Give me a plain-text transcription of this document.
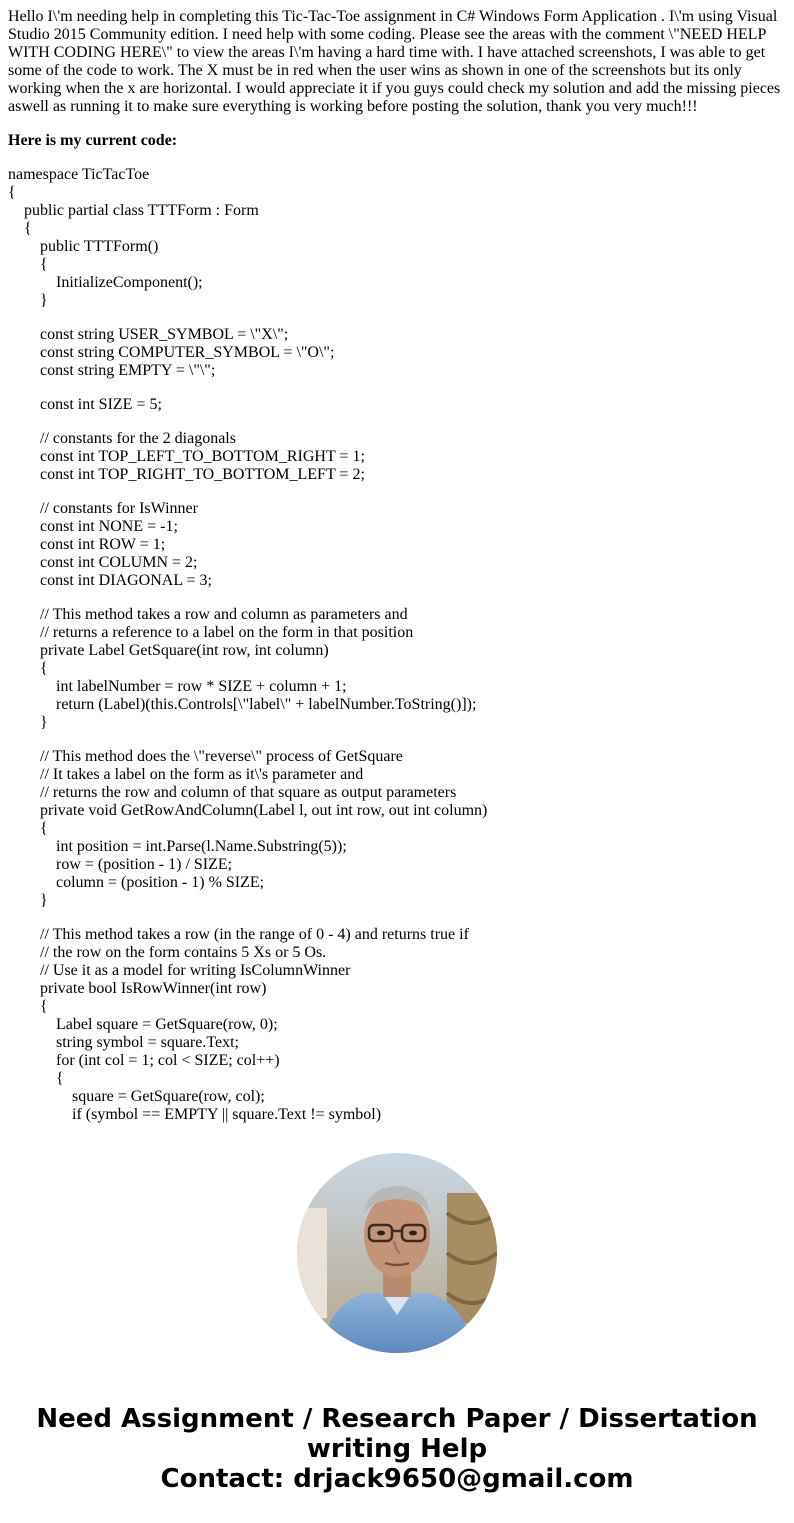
Hello I\'m needing help in completing this Tic-Tac-Toe assignment in C# Windows Form Application . I\'m using Visual Studio 2015 Community edition. I need help with some coding. Please see the areas with the comment \"NEED HELP WITH CODING HERE\" to view the areas I\'m having a hard time with. I have attached screenshots, I was able to get some of the code to work. The X must be in red when the user wins as shown in one of the screenshots but its only working when the x are horizontal. I would appreciate it if you guys could check my solution and add the missing pieces aswell as running it to make sure everything is working before posting the solution, thank you very much!!!

Here is my current code:

namespace TicTacToe
{
public partial class TTTForm : Form
{
public TTTForm()
{
InitializeComponent();
}
const string USER_SYMBOL = \"X\";
const string COMPUTER_SYMBOL = \"O\";
const string EMPTY = \"\";
const int SIZE = 5;
// constants for the 2 diagonals
const int TOP_LEFT_TO_BOTTOM_RIGHT = 1;
const int TOP_RIGHT_TO_BOTTOM_LEFT = 2;
// constants for IsWinner
const int NONE = -1;
const int ROW = 1;
const int COLUMN = 2;
const int DIAGONAL = 3;
// This method takes a row and column as parameters and
// returns a reference to a label on the form in that position
private Label GetSquare(int row, int column)
{
int labelNumber = row * SIZE + column + 1;
return (Label)(this.Controls[\"label\" + labelNumber.ToString()]);
}
// This method does the \"reverse\" process of GetSquare
// It takes a label on the form as it\'s parameter and
// returns the row and column of that square as output parameters
private void GetRowAndColumn(Label l, out int row, out int column)
{
int position = int.Parse(l.Name.Substring(5));
row = (position - 1) / SIZE;
column = (position - 1) % SIZE;
}
// This method takes a row (in the range of 0 - 4) and returns true if
// the row on the form contains 5 Xs or 5 Os.
// Use it as a model for writing IsColumnWinner
private bool IsRowWinner(int row)
{
Label square = GetSquare(row, 0);
string symbol = square.Text;
for (int col = 1; col < SIZE; col++)
{
square = GetSquare(row, col);
if (symbol == EMPTY || square.Text != symbol)
Need Assignment / Research Paper / Dissertation
writing Help
Contact: drjack9650@gmail.com
